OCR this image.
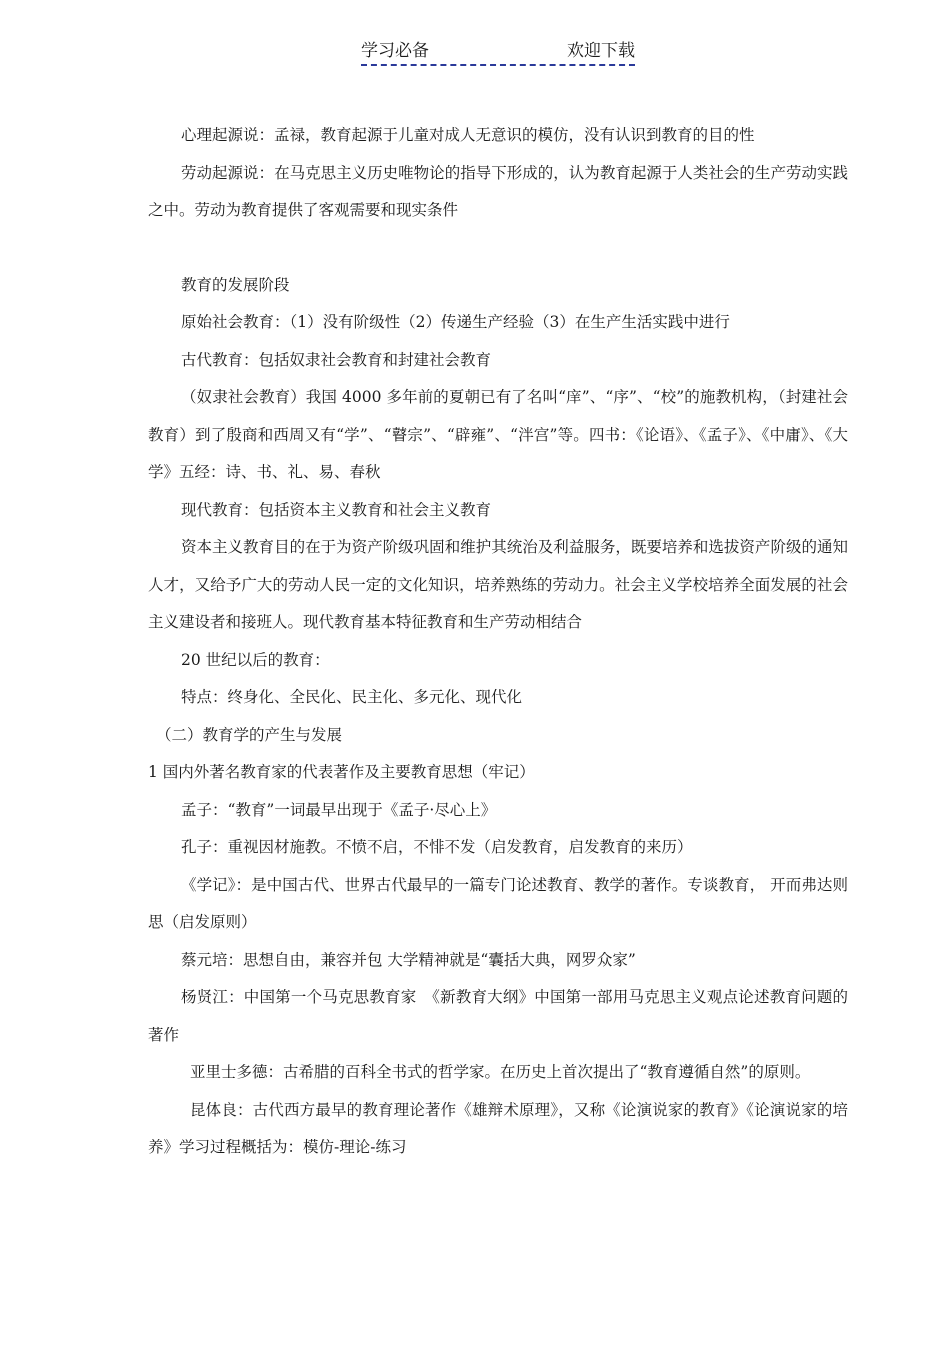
学习必备	欢迎下载

心理起源说：孟禄，教育起源于儿童对成人无意识的模仿，没有认识到教育的目的性

劳动起源说：在马克思主义历史唯物论的指导下形成的，认为教育起源于人类社会的生产劳动实践之中。劳动为教育提供了客观需要和现实条件

教育的发展阶段

原始社会教育：（1）没有阶级性（2）传递生产经验（3）在生产生活实践中进行

古代教育：包括奴隶社会教育和封建社会教育

（奴隶社会教育）我国 4000 多年前的夏朝已有了名叫“庠”、“序”、“校”的施教机构，（封建社会教育）到了殷商和西周又有“学”、“瞽宗”、“辟雍”、“泮宫”等。四书：《论语》、《孟子》、《中庸》、《大学》五经：诗、书、礼、易、春秋

现代教育：包括资本主义教育和社会主义教育

资本主义教育目的在于为资产阶级巩固和维护其统治及利益服务，既要培养和选拔资产阶级的通知人才，又给予广大的劳动人民一定的文化知识，培养熟练的劳动力。社会主义学校培养全面发展的社会主义建设者和接班人。现代教育基本特征教育和生产劳动相结合

20 世纪以后的教育：

特点：终身化、全民化、民主化、多元化、现代化

（二）教育学的产生与发展

1 国内外著名教育家的代表著作及主要教育思想（牢记）

孟子：“教育”一词最早出现于《孟子·尽心上》

孔子：重视因材施教。不愤不启，不悱不发（启发教育，启发教育的来历）

《学记》：是中国古代、世界古代最早的一篇专门论述教育、教学的著作。专谈教育， 开而弗达则思（启发原则）

蔡元培：思想自由，兼容并包 大学精神就是“囊括大典，网罗众家”

杨贤江：中国第一个马克思教育家　《新教育大纲》中国第一部用马克思主义观点论述教育问题的著作

亚里士多德：古希腊的百科全书式的哲学家。在历史上首次提出了“教育遵循自然”的原则。

昆体良：古代西方最早的教育理论著作《雄辩术原理》，又称《论演说家的教育》《论演说家的培养》学习过程概括为：模仿-理论-练习
